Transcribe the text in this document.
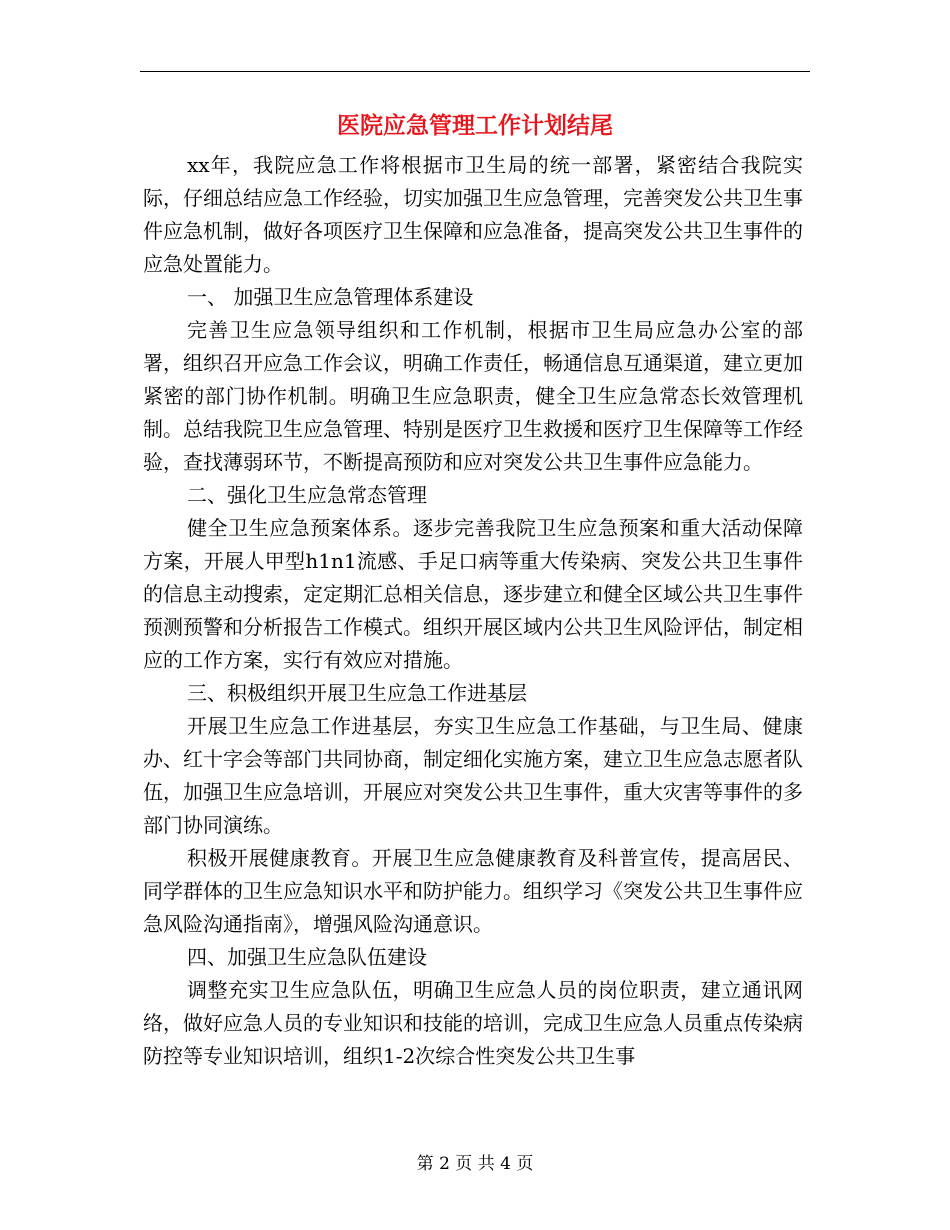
医院应急管理工作计划结尾

xx年，我院应急工作将根据市卫生局的统一部署，紧密结合我院实际，仔细总结应急工作经验，切实加强卫生应急管理，完善突发公共卫生事件应急机制，做好各项医疗卫生保障和应急准备，提高突发公共卫生事件的应急处置能力。

一、 加强卫生应急管理体系建设

完善卫生应急领导组织和工作机制，根据市卫生局应急办公室的部署，组织召开应急工作会议，明确工作责任，畅通信息互通渠道，建立更加紧密的部门协作机制。明确卫生应急职责，健全卫生应急常态长效管理机制。总结我院卫生应急管理、特别是医疗卫生救援和医疗卫生保障等工作经验，查找薄弱环节，不断提高预防和应对突发公共卫生事件应急能力。

二、强化卫生应急常态管理

健全卫生应急预案体系。逐步完善我院卫生应急预案和重大活动保障方案，开展人甲型h1n1流感、手足口病等重大传染病、突发公共卫生事件的信息主动搜索，定定期汇总相关信息，逐步建立和健全区域公共卫生事件预测预警和分析报告工作模式。组织开展区域内公共卫生风险评估，制定相应的工作方案，实行有效应对措施。

三、积极组织开展卫生应急工作进基层

开展卫生应急工作进基层，夯实卫生应急工作基础，与卫生局、健康办、红十字会等部门共同协商，制定细化实施方案，建立卫生应急志愿者队伍，加强卫生应急培训，开展应对突发公共卫生事件，重大灾害等事件的多部门协同演练。

积极开展健康教育。开展卫生应急健康教育及科普宣传，提高居民、同学群体的卫生应急知识水平和防护能力。组织学习《突发公共卫生事件应急风险沟通指南》，增强风险沟通意识。

四、加强卫生应急队伍建设

调整充实卫生应急队伍，明确卫生应急人员的岗位职责，建立通讯网络，做好应急人员的专业知识和技能的培训，完成卫生应急人员重点传染病防控等专业知识培训，组织1-2次综合性突发公共卫生事

第 2 页 共 4 页
